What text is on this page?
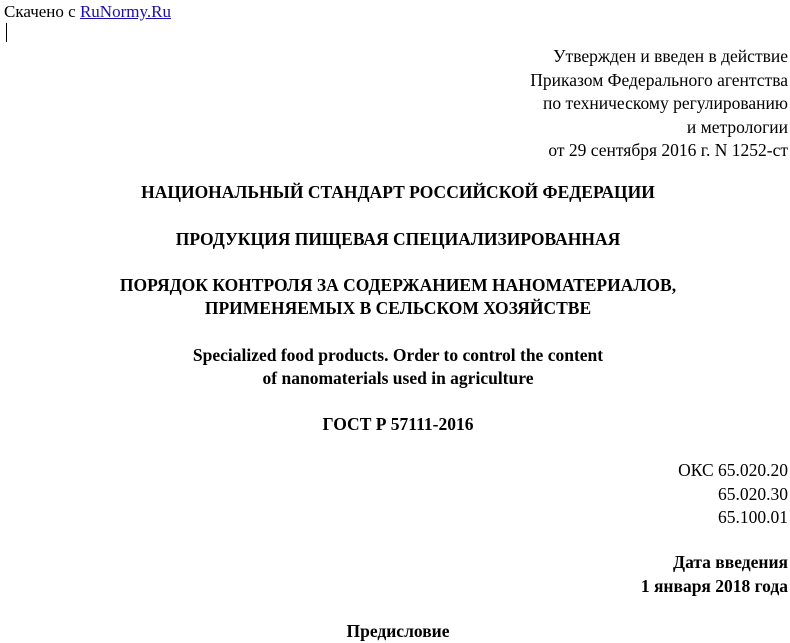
Скачено с RuNormy.Ru
Утвержден и введен в действие
Приказом Федерального агентства
по техническому регулированию
и метрологии
от 29 сентября 2016 г. N 1252-ст
НАЦИОНАЛЬНЫЙ СТАНДАРТ РОССИЙСКОЙ ФЕДЕРАЦИИ
ПРОДУКЦИЯ ПИЩЕВАЯ СПЕЦИАЛИЗИРОВАННАЯ
ПОРЯДОК КОНТРОЛЯ ЗА СОДЕРЖАНИЕМ НАНОМАТЕРИАЛОВ,
ПРИМЕНЯЕМЫХ В СЕЛЬСКОМ ХОЗЯЙСТВЕ
Specialized food products. Order to control the content
of nanomaterials used in agriculture
ГОСТ Р 57111-2016
ОКС 65.020.20
65.020.30
65.100.01
Дата введения
1 января 2018 года
Предисловие
